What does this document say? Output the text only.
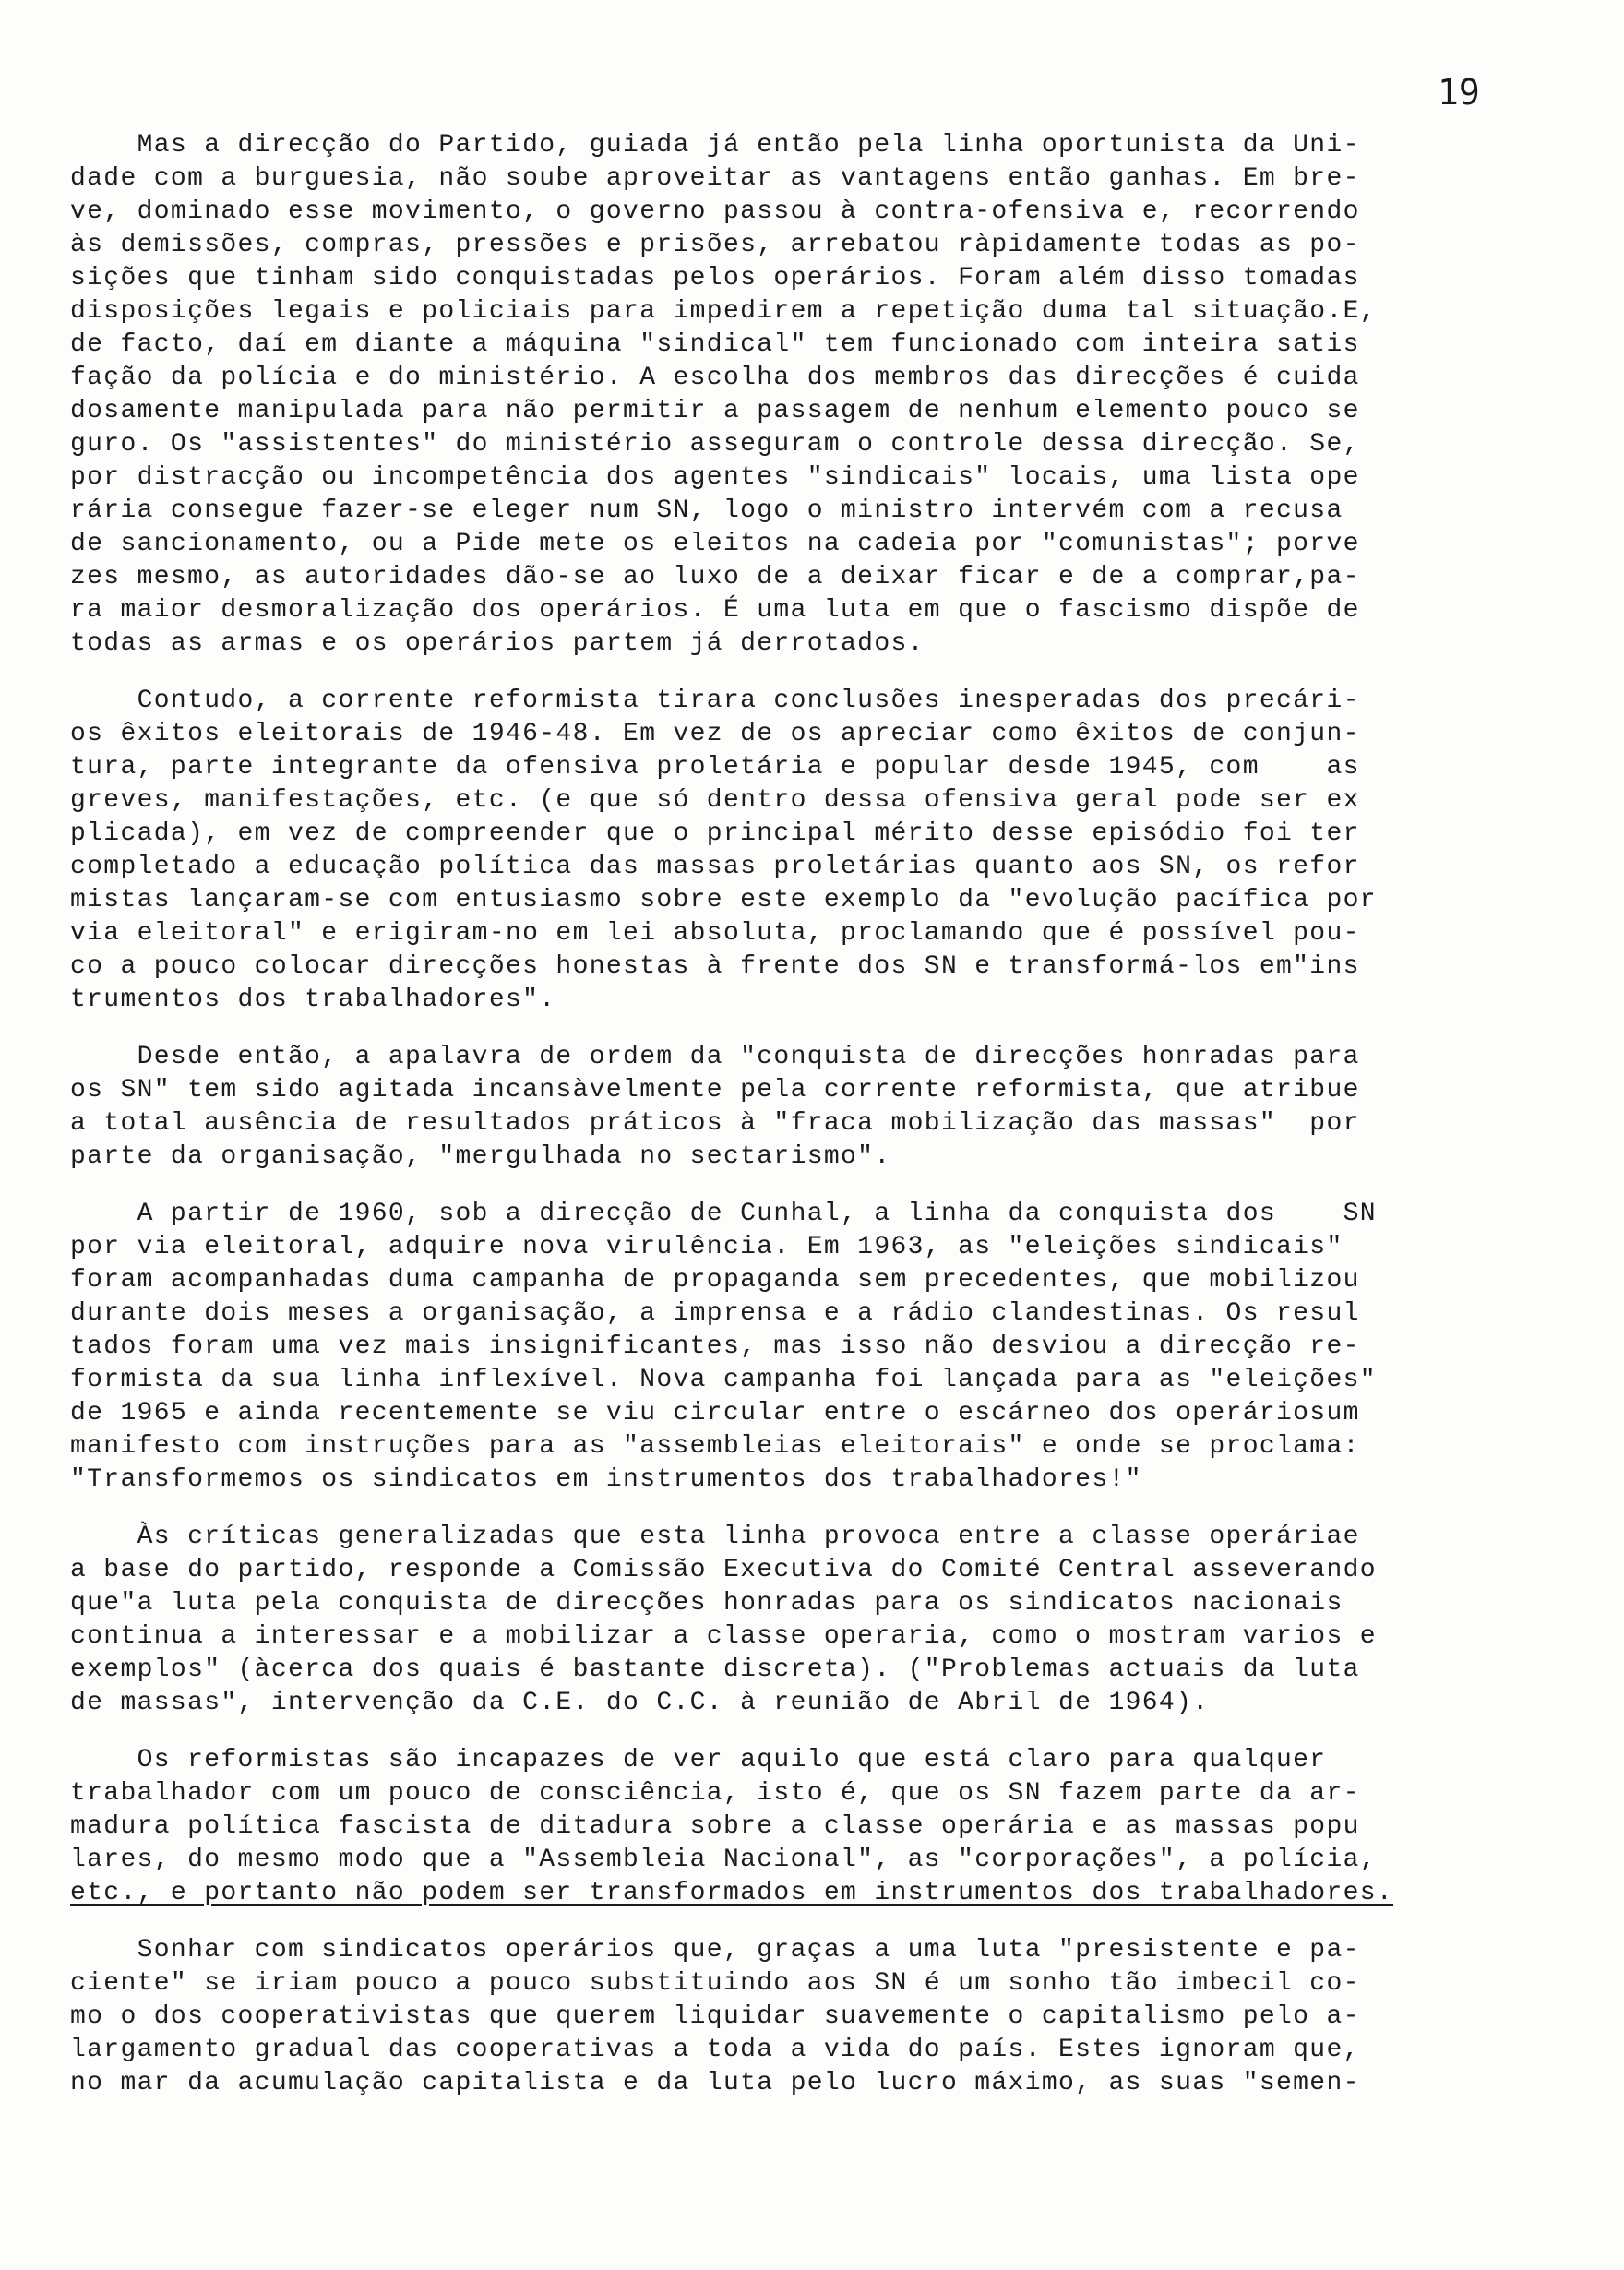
19
Mas a direcção do Partido, guiada já então pela linha oportunista da Uni-
dade com a burguesia, não soube aproveitar as vantagens então ganhas. Em bre-
ve, dominado esse movimento, o governo passou à contra-ofensiva e, recorrendo
às demissões, compras, pressões e prisões, arrebatou ràpidamente todas as po-
sições que tinham sido conquistadas pelos operários. Foram além disso tomadas
disposições legais e policiais para impedirem a repetição duma tal situação.E,
de facto, daí em diante a máquina "sindical" tem funcionado com inteira satis
fação da polícia e do ministério. A escolha dos membros das direcções é cuida
dosamente manipulada para não permitir a passagem de nenhum elemento pouco se
guro. Os "assistentes" do ministério asseguram o controle dessa direcção. Se,
por distracção ou incompetência dos agentes "sindicais" locais, uma lista ope
rária consegue fazer-se eleger num SN, logo o ministro intervém com a recusa
de sancionamento, ou a Pide mete os eleitos na cadeia por "comunistas"; porve
zes mesmo, as autoridades dão-se ao luxo de a deixar ficar e de a comprar,pa-
ra maior desmoralização dos operários. É uma luta em que o fascismo dispõe de
todas as armas e os operários partem já derrotados.
Contudo, a corrente reformista tirara conclusões inesperadas dos precári-
os êxitos eleitorais de 1946-48. Em vez de os apreciar como êxitos de conjun-
tura, parte integrante da ofensiva proletária e popular desde 1945, com    as
greves, manifestações, etc. (e que só dentro dessa ofensiva geral pode ser ex
plicada), em vez de compreender que o principal mérito desse episódio foi ter
completado a educação política das massas proletárias quanto aos SN, os refor
mistas lançaram-se com entusiasmo sobre este exemplo da "evolução pacífica por
via eleitoral" e erigiram-no em lei absoluta, proclamando que é possível pou-
co a pouco colocar direcções honestas à frente dos SN e transformá-los em"ins
trumentos dos trabalhadores".
Desde então, a apalavra de ordem da "conquista de direcções honradas para
os SN" tem sido agitada incansàvelmente pela corrente reformista, que atribue
a total ausência de resultados práticos à "fraca mobilização das massas"  por
parte da organisação, "mergulhada no sectarismo".
A partir de 1960, sob a direcção de Cunhal, a linha da conquista dos    SN
por via eleitoral, adquire nova virulência. Em 1963, as "eleições sindicais"
foram acompanhadas duma campanha de propaganda sem precedentes, que mobilizou
durante dois meses a organisação, a imprensa e a rádio clandestinas. Os resul
tados foram uma vez mais insignificantes, mas isso não desviou a direcção re-
formista da sua linha inflexível. Nova campanha foi lançada para as "eleições"
de 1965 e ainda recentemente se viu circular entre o escárneo dos operáriosum
manifesto com instruções para as "assembleias eleitorais" e onde se proclama:
"Transformemos os sindicatos em instrumentos dos trabalhadores!"
Às críticas generalizadas que esta linha provoca entre a classe operáriae
a base do partido, responde a Comissão Executiva do Comité Central asseverando
que"a luta pela conquista de direcções honradas para os sindicatos nacionais
continua a interessar e a mobilizar a classe operaria, como o mostram varios e
exemplos" (àcerca dos quais é bastante discreta). ("Problemas actuais da luta
de massas", intervenção da C.E. do C.C. à reunião de Abril de 1964).
Os reformistas são incapazes de ver aquilo que está claro para qualquer
trabalhador com um pouco de consciência, isto é, que os SN fazem parte da ar-
madura política fascista de ditadura sobre a classe operária e as massas popu
lares, do mesmo modo que a "Assembleia Nacional", as "corporações", a polícia,
etc., e portanto não podem ser transformados em instrumentos dos trabalhadores.
Sonhar com sindicatos operários que, graças a uma luta "presistente e pa-
ciente" se iriam pouco a pouco substituindo aos SN é um sonho tão imbecil co-
mo o dos cooperativistas que querem liquidar suavemente o capitalismo pelo a-
largamento gradual das cooperativas a toda a vida do país. Estes ignoram que,
no mar da acumulação capitalista e da luta pelo lucro máximo, as suas "semen-
